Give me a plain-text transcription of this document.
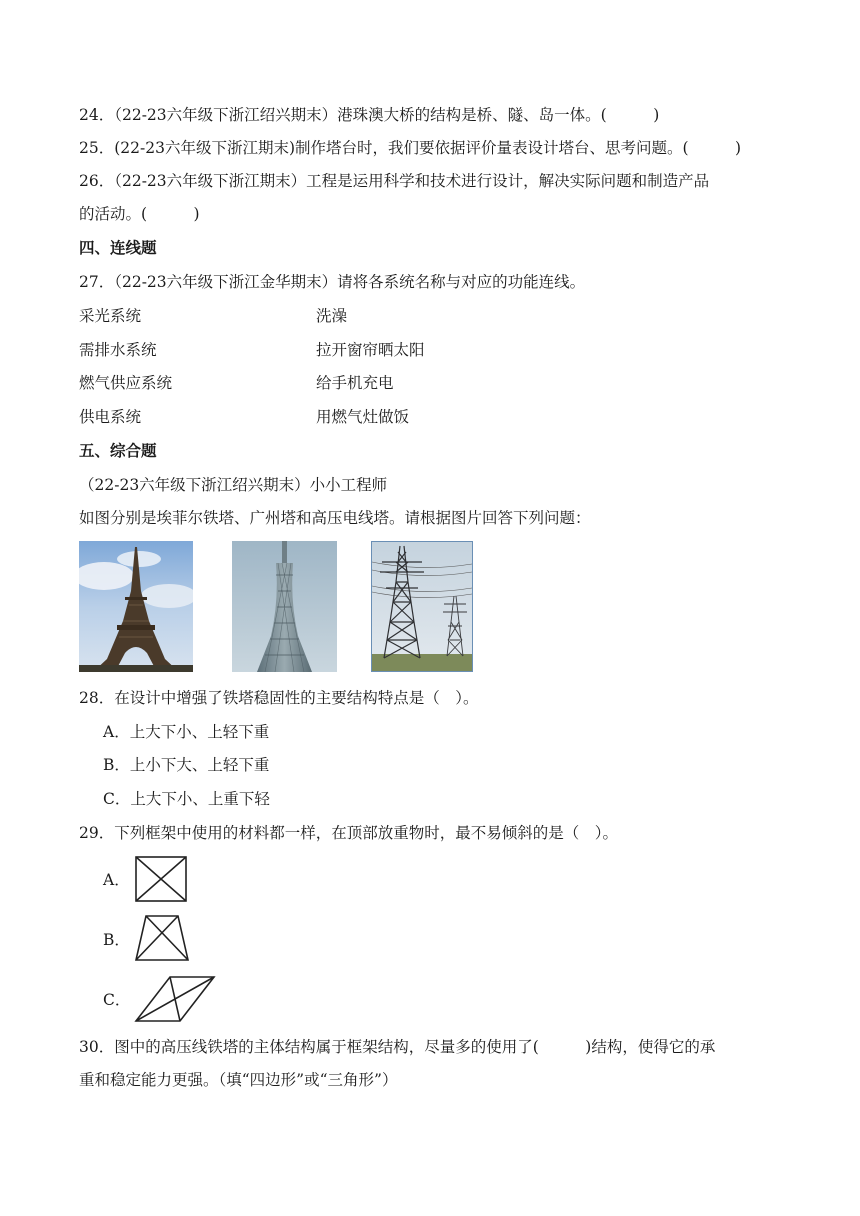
24．（22-23六年级下浙江绍兴期末）港珠澳大桥的结构是桥、隧、岛一体。(　　　)
25．(22-23六年级下浙江期末)制作塔台时，我们要依据评价量表设计塔台、思考问题。(　　　)
26．（22-23六年级下浙江期末）工程是运用科学和技术进行设计，解决实际问题和制造产品
的活动。(　　　)
四、连线题
27．（22-23六年级下浙江金华期末）请将各系统名称与对应的功能连线。
采光系统
需排水系统
燃气供应系统
供电系统
洗澡
拉开窗帘晒太阳
给手机充电
用燃气灶做饭
五、综合题
（22-23六年级下浙江绍兴期末）小小工程师
如图分别是埃菲尔铁塔、广州塔和高压电线塔。请根据图片回答下列问题：
28．在设计中增强了铁塔稳固性的主要结构特点是（　）。
A．上大下小、上轻下重
B．上小下大、上轻下重
C．上大下小、上重下轻
29．下列框架中使用的材料都一样，在顶部放重物时，最不易倾斜的是（　）。
A．
B．
C．
30．图中的高压线铁塔的主体结构属于框架结构，尽量多的使用了(　　　)结构，使得它的承
重和稳定能力更强。（填“四边形”或“三角形”）
